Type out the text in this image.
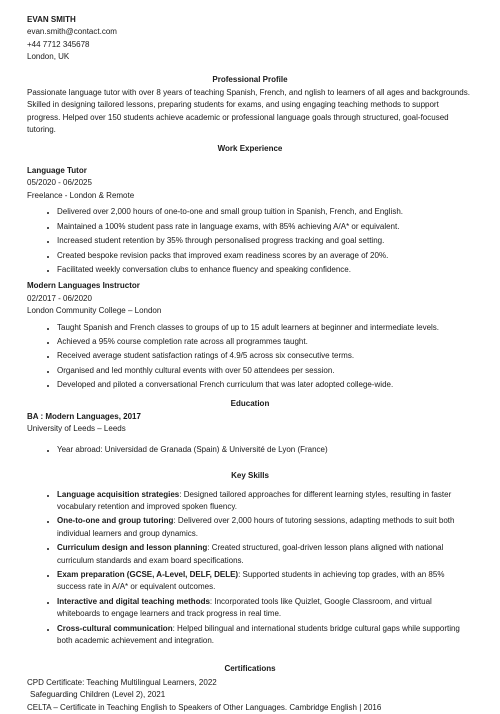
EVAN SMITH

evan.smith@contact.com

+44 7712 345678

London, UK

Professional Profile

Passionate language tutor with over 8 years of teaching Spanish, French, and nglish to learners of all ages and backgrounds. Skilled in designing tailored lessons, preparing students for exams, and using engaging teaching methods to support progress. Helped over 150 students achieve academic or professional language goals through structured, goal-focused tutoring.

Work Experience

Language Tutor

05/2020 - 06/2025

Freelance - London & Remote

• Delivered over 2,000 hours of one-to-one and small group tuition in Spanish, French, and English.
• Maintained a 100% student pass rate in language exams, with 85% achieving A/A* or equivalent.
• Increased student retention by 35% through personalised progress tracking and goal setting.
• Created bespoke revision packs that improved exam readiness scores by an average of 20%.
• Facilitated weekly conversation clubs to enhance fluency and speaking confidence.

Modern Languages Instructor

02/2017 - 06/2020

London Community College – London

• Taught Spanish and French classes to groups of up to 15 adult learners at beginner and intermediate levels.
• Achieved a 95% course completion rate across all programmes taught.
• Received average student satisfaction ratings of 4.9/5 across six consecutive terms.
• Organised and led monthly cultural events with over 50 attendees per session.
• Developed and piloted a conversational French curriculum that was later adopted college-wide.
Education

BA : Modern Languages, 2017

University of Leeds – Leeds

• Year abroad: Universidad de Granada (Spain) & Université de Lyon (France)
Key Skills
• Language acquisition strategies: Designed tailored approaches for different learning styles, resulting in faster vocabulary retention and improved spoken fluency.
• One-to-one and group tutoring: Delivered over 2,000 hours of tutoring sessions, adapting methods to suit both individual learners and group dynamics.
• Curriculum design and lesson planning: Created structured, goal-driven lesson plans aligned with national curriculum standards and exam board specifications.
• Exam preparation (GCSE, A-Level, DELF, DELE): Supported students in achieving top grades, with an 85% success rate in A/A* or equivalent outcomes.
• Interactive and digital teaching methods: Incorporated tools like Quizlet, Google Classroom, and virtual whiteboards to engage learners and track progress in real time.
• Cross-cultural communication: Helped bilingual and international students bridge cultural gaps while supporting both academic achievement and integration.
Certifications

CPD Certificate: Teaching Multilingual Learners, 2022

Safeguarding Children (Level 2), 2021

CELTA – Certificate in Teaching English to Speakers of Other Languages. Cambridge English | 2016
